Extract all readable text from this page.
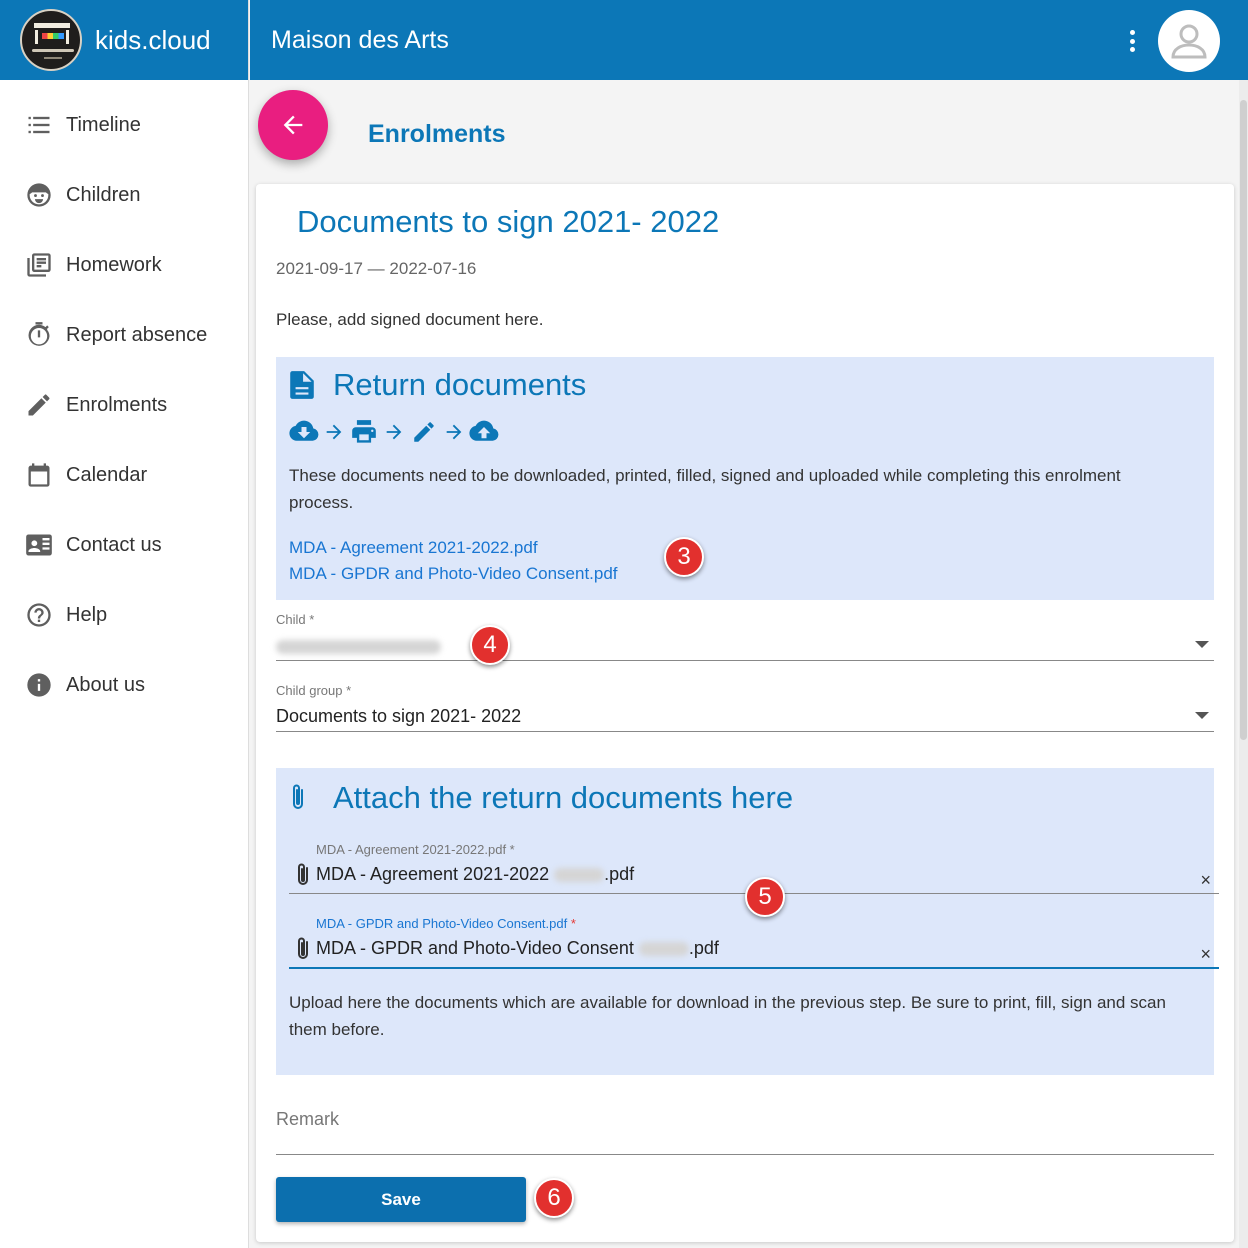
kids.cloud
Timeline
Children
Homework
Report absence
Enrolments
Calendar
Contact us
Help
About us
Maison des Arts
Enrolments
Documents to sign 2021- 2022
2021-09-17 — 2022-07-16
Please, add signed document here.
Return documents
These documents need to be downloaded, printed, filled, signed and uploaded while completing this enrolment process.
MDA - Agreement 2021-2022.pdf
MDA - GPDR and Photo-Video Consent.pdf
Child *
Child group *
Documents to sign 2021- 2022
Attach the return documents here
MDA - Agreement 2021-2022.pdf *
MDA - Agreement 2021-2022	.pdf	×
MDA - GPDR and Photo-Video Consent.pdf *
MDA - GPDR and Photo-Video Consent	.pdf	×
Upload here the documents which are available for download in the previous step. Be sure to print, fill, sign and scan them before.
Remark
Save
3
4
5
6
